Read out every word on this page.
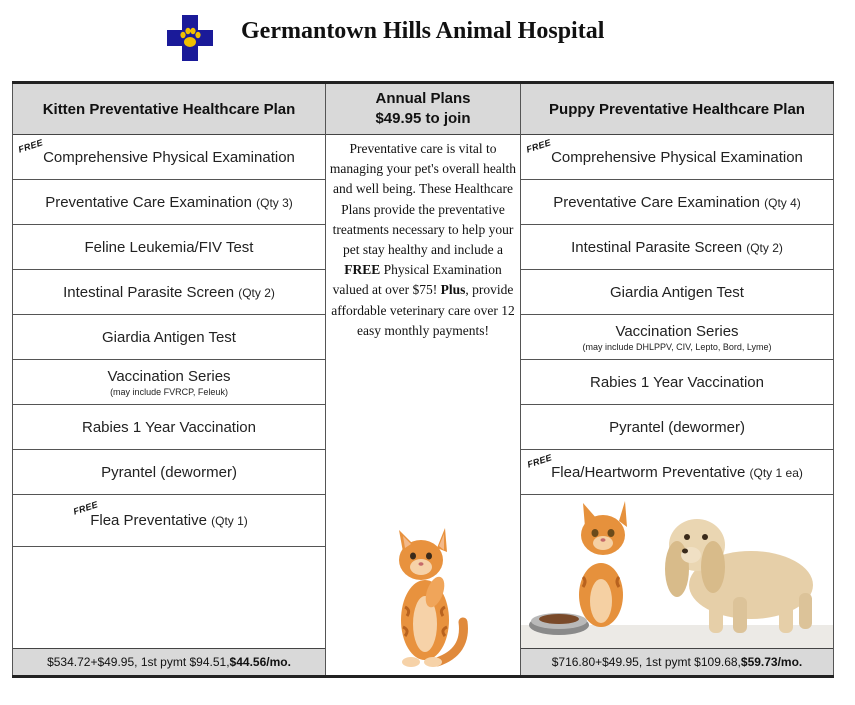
Germantown Hills Animal Hospital
Kitten Preventative Healthcare Plan
FREE
Comprehensive Physical Examination
Preventative Care Examination (Qty 3)
Feline Leukemia/FIV Test
Intestinal Parasite Screen (Qty 2)
Giardia Antigen Test
Vaccination Series
(may include FVRCP, Feleuk)
Rabies 1 Year Vaccination
Pyrantel (dewormer)
FREE
Flea Preventative (Qty 1)
$534.72+$49.95, 1st pymt $94.51, $44.56/mo.
Annual Plans
$49.95 to join
Preventative care is vital to managing your pet's overall health and well being. These Healthcare Plans provide the preventative treatments necessary to help your pet stay healthy and include a FREE Physical Examination valued at over $75! Plus, provide affordable veterinary care over 12 easy monthly payments!
Puppy Preventative Healthcare Plan
FREE
Comprehensive Physical Examination
Preventative Care Examination (Qty 4)
Intestinal Parasite Screen (Qty 2)
Giardia Antigen Test
Vaccination Series
(may include DHLPPV, CIV, Lepto, Bord, Lyme)
Rabies 1 Year Vaccination
Pyrantel (dewormer)
FREE
Flea/Heartworm Preventative (Qty 1 ea)
$716.80+$49.95, 1st pymt $109.68, $59.73/mo.
